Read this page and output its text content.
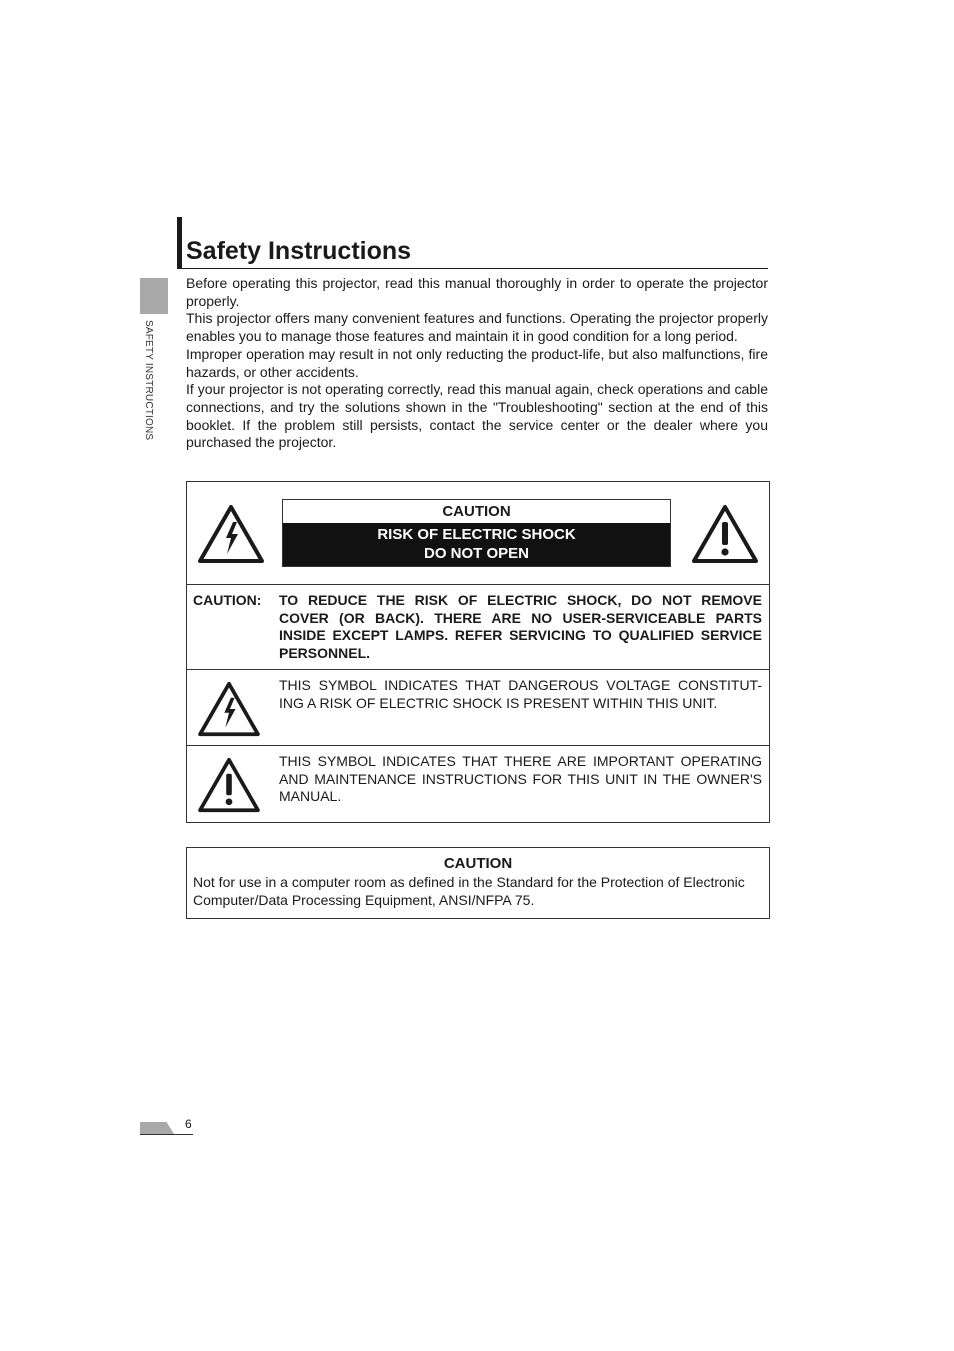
Safety Instructions
SAFETY INSTRUCTIONS

Before operating this projector, read this manual thoroughly in order to operate the projector properly.

This projector offers many convenient features and functions. Operating the projector properly enables you to manage those features and maintain it in good condition for a long period.

Improper operation may result in not only reducting the product-life, but also malfunctions, fire hazards, or other accidents.

If your projector is not operating correctly, read this manual again, check operations and cable connections, and try the solutions shown in the "Troubleshooting" section at the end of this booklet. If the problem still persists, contact the service center or the dealer where you purchased the projector.

CAUTION
RISK OF ELECTRIC SHOCK
DO NOT OPEN
CAUTION: TO REDUCE THE RISK OF ELECTRIC SHOCK, DO NOT REMOVE COVER (OR BACK). THERE ARE NO USER-SERVICEABLE PARTS INSIDE EXCEPT LAMPS. REFER SERVICING TO QUALIFIED SERVICE PERSONNEL.

THIS SYMBOL INDICATES THAT DANGEROUS VOLTAGE CONSTITUT-ING A RISK OF ELECTRIC SHOCK IS PRESENT WITHIN THIS UNIT.

THIS SYMBOL INDICATES THAT THERE ARE IMPORTANT OPERATING AND MAINTENANCE INSTRUCTIONS FOR THIS UNIT IN THE OWNER'S MANUAL.

CAUTION

Not for use in a computer room as defined in the Standard for the Protection of Electronic Computer/Data Processing Equipment, ANSI/NFPA 75.

6
